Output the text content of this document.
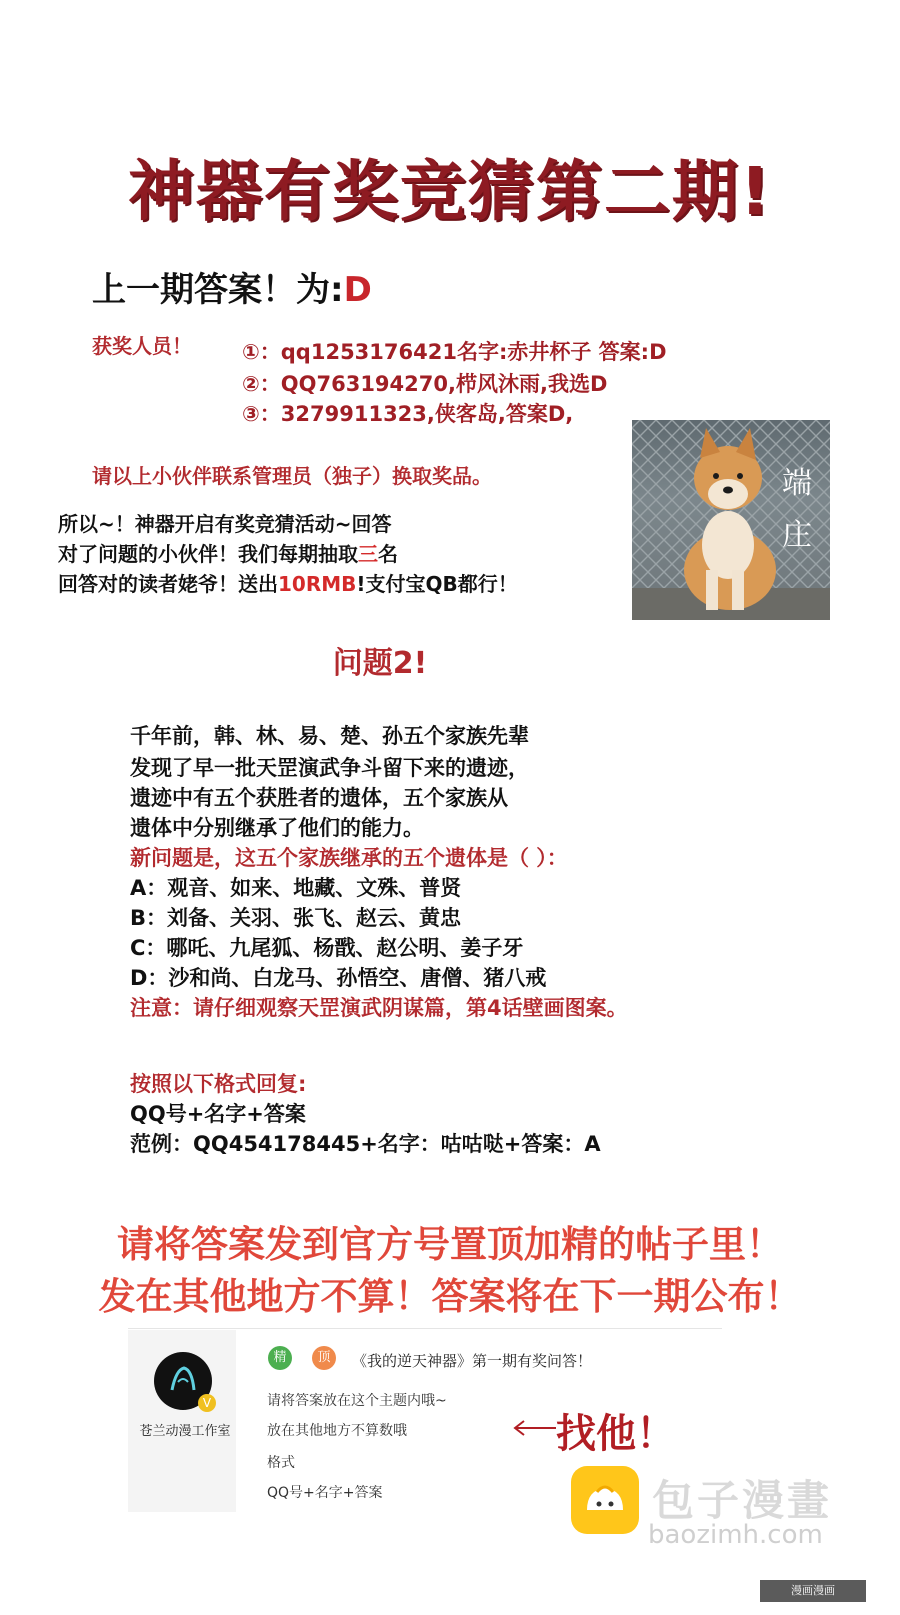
神器有奖竞猜第二期!
上一期答案！为:D
获奖人员！ ①：qq1253176421名字:赤井杯子 答案:D
②：QQ763194270,栉风沐雨,我选D
③：3279911323,侠客岛,答案D,
请以上小伙伴联系管理员（独子）换取奖品。
所以~！神器开启有奖竞猜活动~回答
对了问题的小伙伴！我们每期抽取三名
回答对的读者姥爷！送出10RMB!支付宝QB都行！
端
庄
问题2!
千年前，韩、林、易、楚、孙五个家族先辈
发现了早一批天罡演武争斗留下来的遗迹，
遗迹中有五个获胜者的遗体，五个家族从
遗体中分别继承了他们的能力。
新问题是，这五个家族继承的五个遗体是（ ）：
A：观音、如来、地藏、文殊、普贤
B：刘备、关羽、张飞、赵云、黄忠
C：哪吒、九尾狐、杨戬、赵公明、姜子牙
D：沙和尚、白龙马、孙悟空、唐僧、猪八戒
注意：请仔细观察天罡演武阴谋篇，第4话壁画图案。
按照以下格式回复:
QQ号+名字+答案
范例：QQ454178445+名字：咕咕哒+答案：A
请将答案发到官方号置顶加精的帖子里！
发在其他地方不算！答案将在下一期公布！
V
苍兰动漫工作室
精	顶	《我的逆天神器》第一期有奖问答！
请将答案放在这个主题内哦~
放在其他地方不算数哦
格式
QQ号+名字+答案
找他！
包子漫畫
baozimh.com
漫画漫画
